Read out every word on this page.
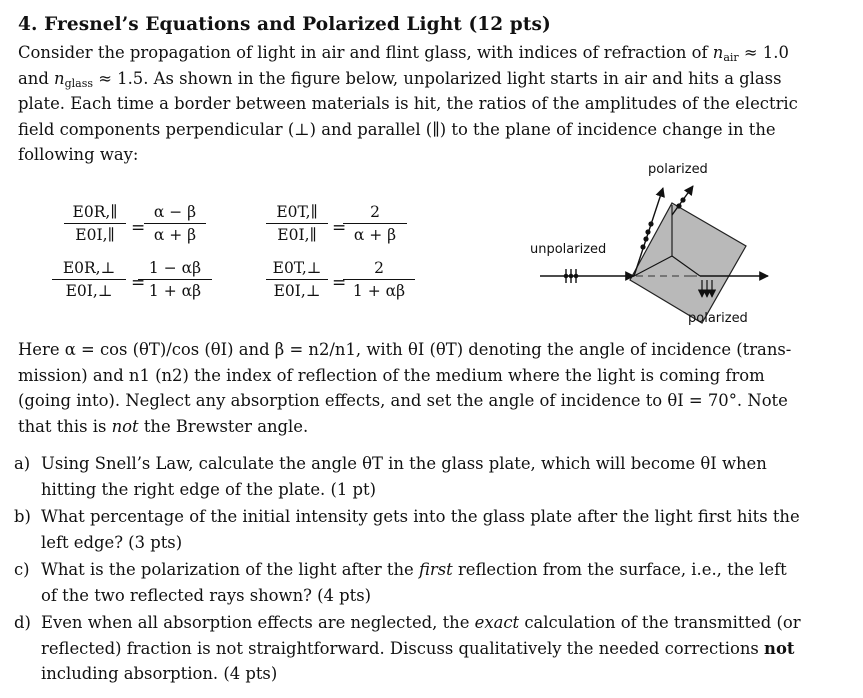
4. Fresnel’s Equations and Polarized Light (12 pts)
Consider the propagation of light in air and flint glass, with indices of refraction of $n_{air} \approx 1.0$
and $n_{glass} \approx 1.5$. As shown in the figure below, unpolarized light starts in air and hits a glass
plate. Each time a border between materials is hit, the ratios of the amplitudes of the electric
field components perpendicular (⊥) and parallel (∥) to the plane of incidence change in the
following way:
$\frac{E0R,\parallel}{E0I,\parallel}$ =
$\frac{\alpha - \beta}{\alpha + \beta}$
$\frac{E0R,\perp}{E0I,\perp}$ =
$\frac{1 - \alpha\beta}{1 + \alpha\beta}$
$\frac{E0T,\parallel}{E0I,\parallel}$ =
$\frac{2}{\alpha + \beta}$
$\frac{E0T,\perp}{E0I,\perp}$ =
$\frac{2}{1 + \alpha\beta}$
unpolarized
polarized
polarized
Here α = cos (θT)/cos (θI) and β = n2/n1, with θI (θT) denoting the angle of incidence (trans-
mission) and n1 (n2) the index of reflection of the medium where the light is coming from
(going into). Neglect any absorption effects, and set the angle of incidence to θI = 70°. Note
that this is not the Brewster angle.
a) Using Snell’s Law, calculate the angle θT in the glass plate, which will become θI when
hitting the right edge of the plate. (1 pt)
b) What percentage of the initial intensity gets into the glass plate after the light first hits the
left edge? (3 pts)
c) What is the polarization of the light after the first reflection from the surface, i.e., the left
of the two reflected rays shown? (4 pts)
d) Even when all absorption effects are neglected, the exact calculation of the transmitted (or
reflected) fraction is not straightforward. Discuss qualitatively the needed corrections not
including absorption. (4 pts)
